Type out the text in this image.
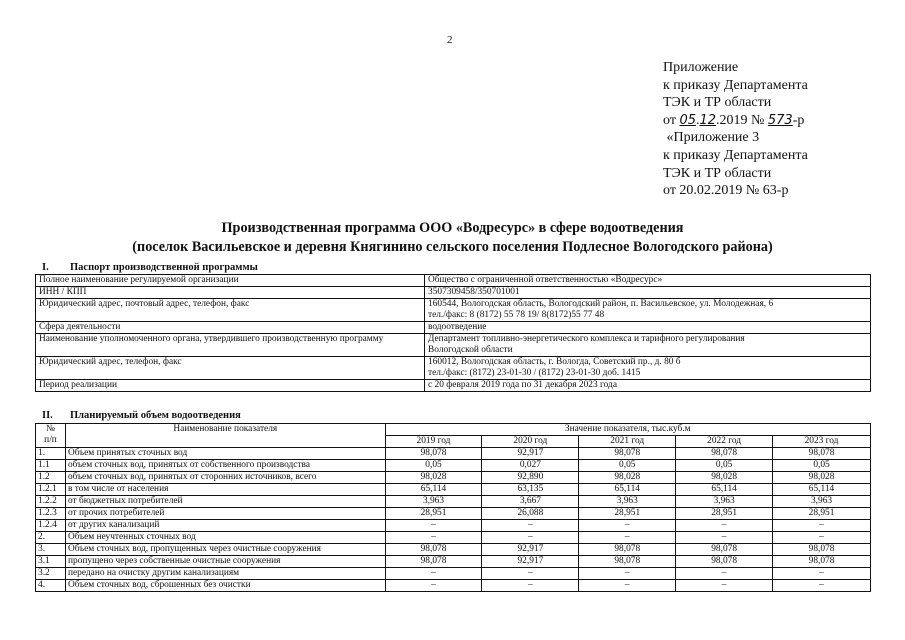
2
Приложение
к приказу Департамента
ТЭК и ТР области
от 05.12.2019 № 573-р
«Приложение 3
к приказу Департамента
ТЭК и ТР области
от 20.02.2019 № 63-р
Производственная программа ООО «Водресурс» в сфере водоотведения
(поселок Васильевское и деревня Княгинино сельского поселения Подлесное Вологодского района)
I. Паспорт производственной программы
Полное наименование регулируемой организации	Общество с ограниченной ответственностью «Водресурс»

ИНН / КПП	3507309458/350701001

Юридический адрес, почтовый адрес, телефон, факс	160544, Вологодская область, Вологодский район, п. Васильевское, ул. Молодежная, 6
тел./факс: 8 (8172) 55 78 19/ 8(8172)55 77 48

Сфера деятельности	водоотведение

Наименование уполномоченного органа, утвердившего производственную программу	Департамент топливно-энергетического комплекса и тарифного регулирования
Вологодской области

Юридический адрес, телефон, факс	160012, Вологодская область, г. Вологда, Советский пр., д. 80 б
тел./факс: (8172) 23-01-30 / (8172) 23-01-30 доб. 1415

Период реализации	с 20 февраля 2019 года по 31 декабря 2023 года
II. Планируемый объем водоотведения
№
п/п	Наименование показателя	Значение показателя, тыс.куб.м				
		2019 год	2020 год	2021 год	2022 год	2023 год
1.	Объем принятых сточных вод	98,078	92,917	98,078	98,078	98,078
1.1	объем сточных вод, принятых от собственного производства	0,05	0,027	0,05	0,05	0,05
1.2	объем сточных вод, принятых от сторонних источников, всего	98,028	92,890	98,028	98,028	98,028
1.2.1	в том числе от населения	65,114	63,135	65,114	65,114	65,114
1.2.2	от бюджетных потребителей	3,963	3,667	3,963	3,963	3,963
1.2.3	от прочих потребителей	28,951	26,088	28,951	28,951	28,951
1.2.4	от других канализаций	–	–	–	–	–
2.	Объем неучтенных сточных вод	–	–	–	–	–
3.	Объем сточных вод, пропущенных через очистные сооружения	98,078	92,917	98,078	98,078	98,078
3.1	пропущено через собственные очистные сооружения	98,078	92,917	98,078	98,078	98,078
3.2	передано на очистку другим канализациям	–	–	–	–	–
4.	Объем сточных вод, сброшенных без очистки	–	–	–	–	–
